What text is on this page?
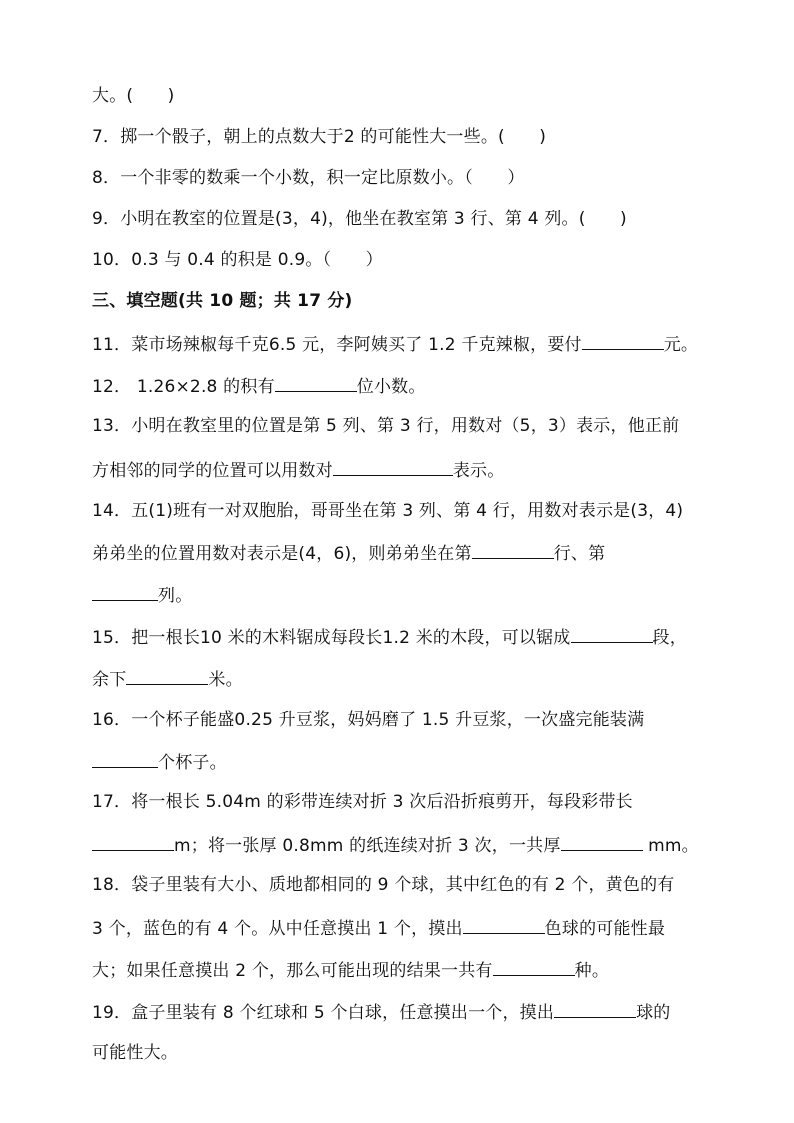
大。(　　)
7．掷一个骰子，朝上的点数大于2 的可能性大一些。(　　)
8．一个非零的数乘一个小数，积一定比原数小。（　　）
9．小明在教室的位置是(3，4)，他坐在教室第 3 行、第 4 列。(　　)
10．0.3 与 0.4 的积是 0.9。（　　）
三、填空题(共 10 题；共 17 分)
11．菜市场辣椒每千克6.5 元，李阿姨买了 1.2 千克辣椒，要付	元。
12． 1.26×2.8 的积有	位小数。
13．小明在教室里的位置是第 5 列、第 3 行，用数对（5，3）表示，他正前
方相邻的同学的位置可以用数对	表示。
14．五(1)班有一对双胞胎，哥哥坐在第 3 列、第 4 行，用数对表示是(3，4)
弟弟坐的位置用数对表示是(4，6)，则弟弟坐在第	行、第
列。
15．把一根长10 米的木料锯成每段长1.2 米的木段，可以锯成	段，
余下	米。
16．一个杯子能盛0.25 升豆浆，妈妈磨了 1.5 升豆浆，一次盛完能装满
个杯子。
17．将一根长 5.04m 的彩带连续对折 3 次后沿折痕剪开，每段彩带长
m；将一张厚 0.8mm 的纸连续对折 3 次，一共厚	mm。
18．袋子里装有大小、质地都相同的 9 个球，其中红色的有 2 个，黄色的有
3 个，蓝色的有 4 个。从中任意摸出 1 个，摸出	色球的可能性最
大；如果任意摸出 2 个，那么可能出现的结果一共有	种。
19．盒子里装有 8 个红球和 5 个白球，任意摸出一个，摸出	球的
可能性大。
